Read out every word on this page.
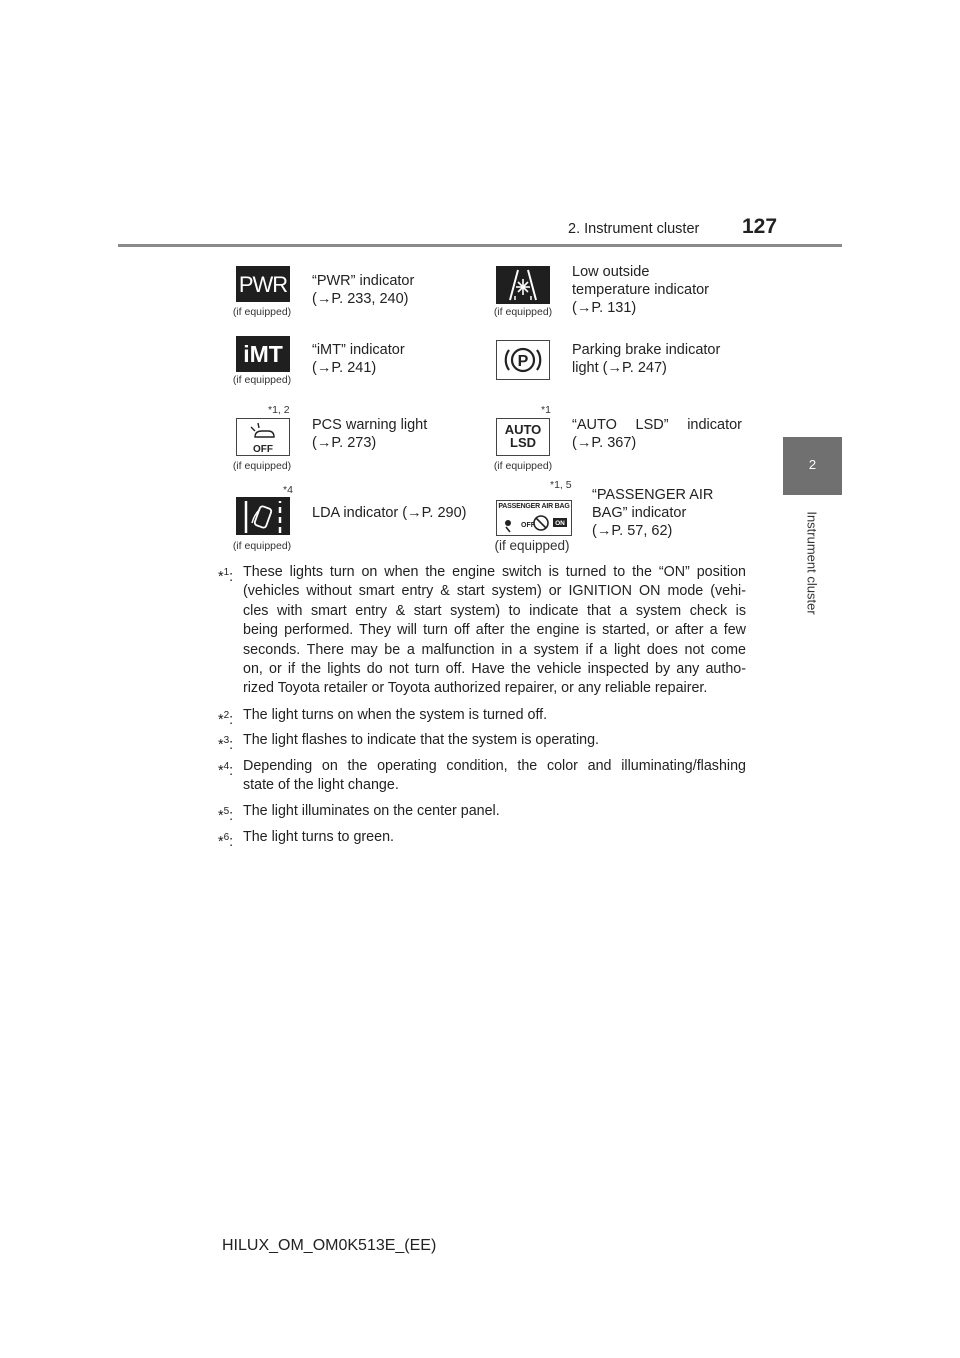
2. Instrument cluster 127
2
Instrument cluster
PWR
(if equipped)
“PWR” indicator
(→P. 233, 240)
(if equipped)
Low outside
temperature indicator
(→P. 131)
iMT
(if equipped)
“iMT” indicator
(→P. 241)	P
Parking brake indicator
light (→P. 247)
*1, 2
OFF
(if equipped)
PCS warning light
(→P. 273)
*1
AUTO
LSD
(if equipped)
“AUTO LSD” indicator
(→P. 367)
*4
(if equipped)
LDA indicator (→P. 290)
*1, 5
PASSENGER AIR BAG
OFF	ON
(if equipped)
“PASSENGER AIR
BAG” indicator
(→P. 57, 62)
*$^1$: These lights turn on when the engine switch is turned to the “ON” position
(vehicles without smart entry & start system) or IGNITION ON mode (vehi-
cles with smart entry & start system) to indicate that a system check is
being performed. They will turn off after the engine is started, or after a few
seconds. There may be a malfunction in a system if a light does not come
on, or if the lights do not turn off. Have the vehicle inspected by any autho-
rized Toyota retailer or Toyota authorized repairer, or any reliable repairer.
*$^2$: The light turns on when the system is turned off.
*$^3$: The light flashes to indicate that the system is operating.
*$^4$: Depending on the operating condition, the color and illuminating/flashing
state of the light change.
*$^5$: The light illuminates on the center panel.
*$^6$: The light turns to green.
HILUX_OM_OM0K513E_(EE)
